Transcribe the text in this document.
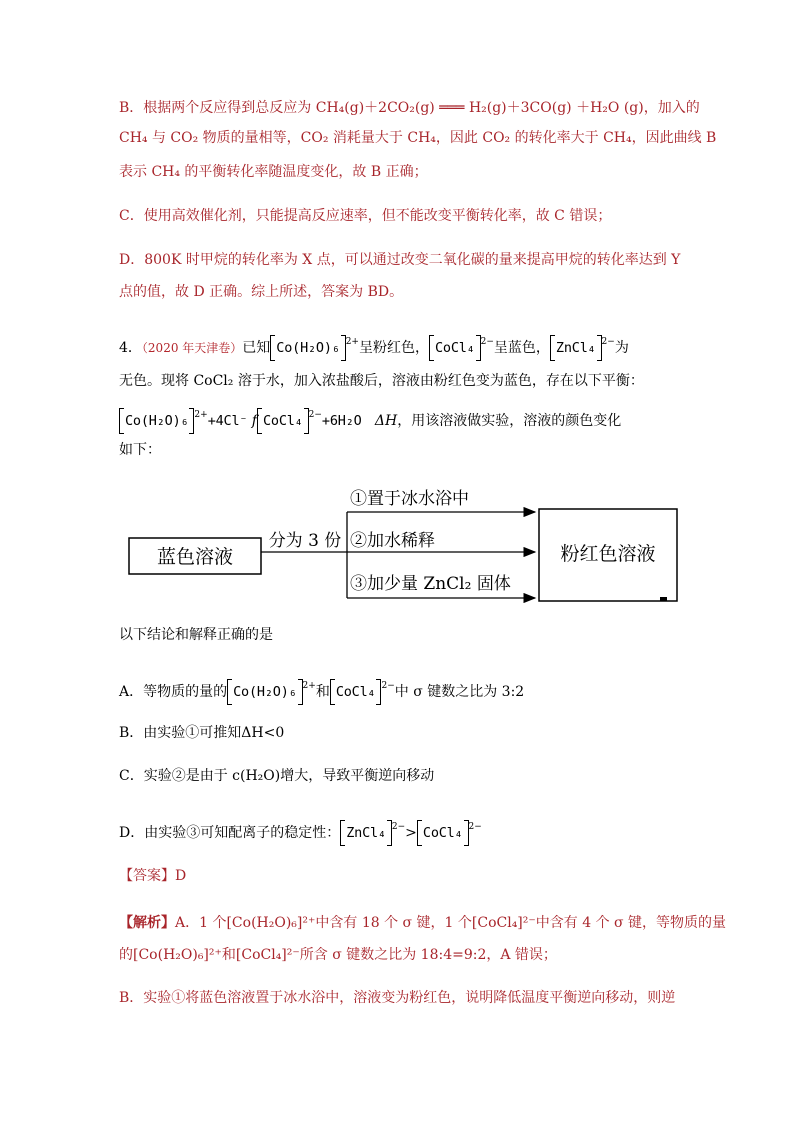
B．根据两个反应得到总反应为 CH₄(g)＋2CO₂(g) ═══ H₂(g)＋3CO(g) ＋H₂O (g)，加入的
CH₄ 与 CO₂ 物质的量相等，CO₂ 消耗量大于 CH₄，因此 CO₂ 的转化率大于 CH₄，因此曲线 B
表示 CH₄ 的平衡转化率随温度变化，故 B 正确；
C．使用高效催化剂，只能提高反应速率，但不能改变平衡转化率，故 C 错误；
D．800K 时甲烷的转化率为 X 点，可以通过改变二氧化碳的量来提高甲烷的转化率达到 Y
点的值，故 D 正确。综上所述，答案为 BD。
4．（2020 年天津卷）已知 Co(H₂O)₆ $^{2+}$呈粉红色， CoCl₄ $^{2-}$呈蓝色， ZnCl₄ $^{2-}$为
无色。现将 CoCl₂ 溶于水，加入浓盐酸后，溶液由粉红色变为蓝色，存在以下平衡：
Co(H₂O)₆ $^{2+}$+4Cl⁻ f CoCl₄ $^{2-}$+6H₂O ΔH，用该溶液做实验，溶液的颜色变化
如下：
蓝色溶液
分为 3 份
①置于冰水浴中
②加水稀释
③加少量 ZnCl₂ 固体
粉红色溶液
以下结论和解释正确的是
A．等物质的量的 Co(H₂O)₆ $^{2+}$和 CoCl₄ $^{2-}$中 σ 键数之比为 3:2
B．由实验①可推知ΔH<0
C．实验②是由于 c(H₂O)增大，导致平衡逆向移动
D．由实验③可知配离子的稳定性： ZnCl₄ $^{2-}$> CoCl₄ $^{2-}$
【答案】D
【解析】A．1 个[Co(H₂O)₆]²⁺中含有 18 个 σ 键，1 个[CoCl₄]²⁻中含有 4 个 σ 键，等物质的量
的[Co(H₂O)₆]²⁺和[CoCl₄]²⁻所含 σ 键数之比为 18:4=9:2，A 错误；
B．实验①将蓝色溶液置于冰水浴中，溶液变为粉红色，说明降低温度平衡逆向移动，则逆
